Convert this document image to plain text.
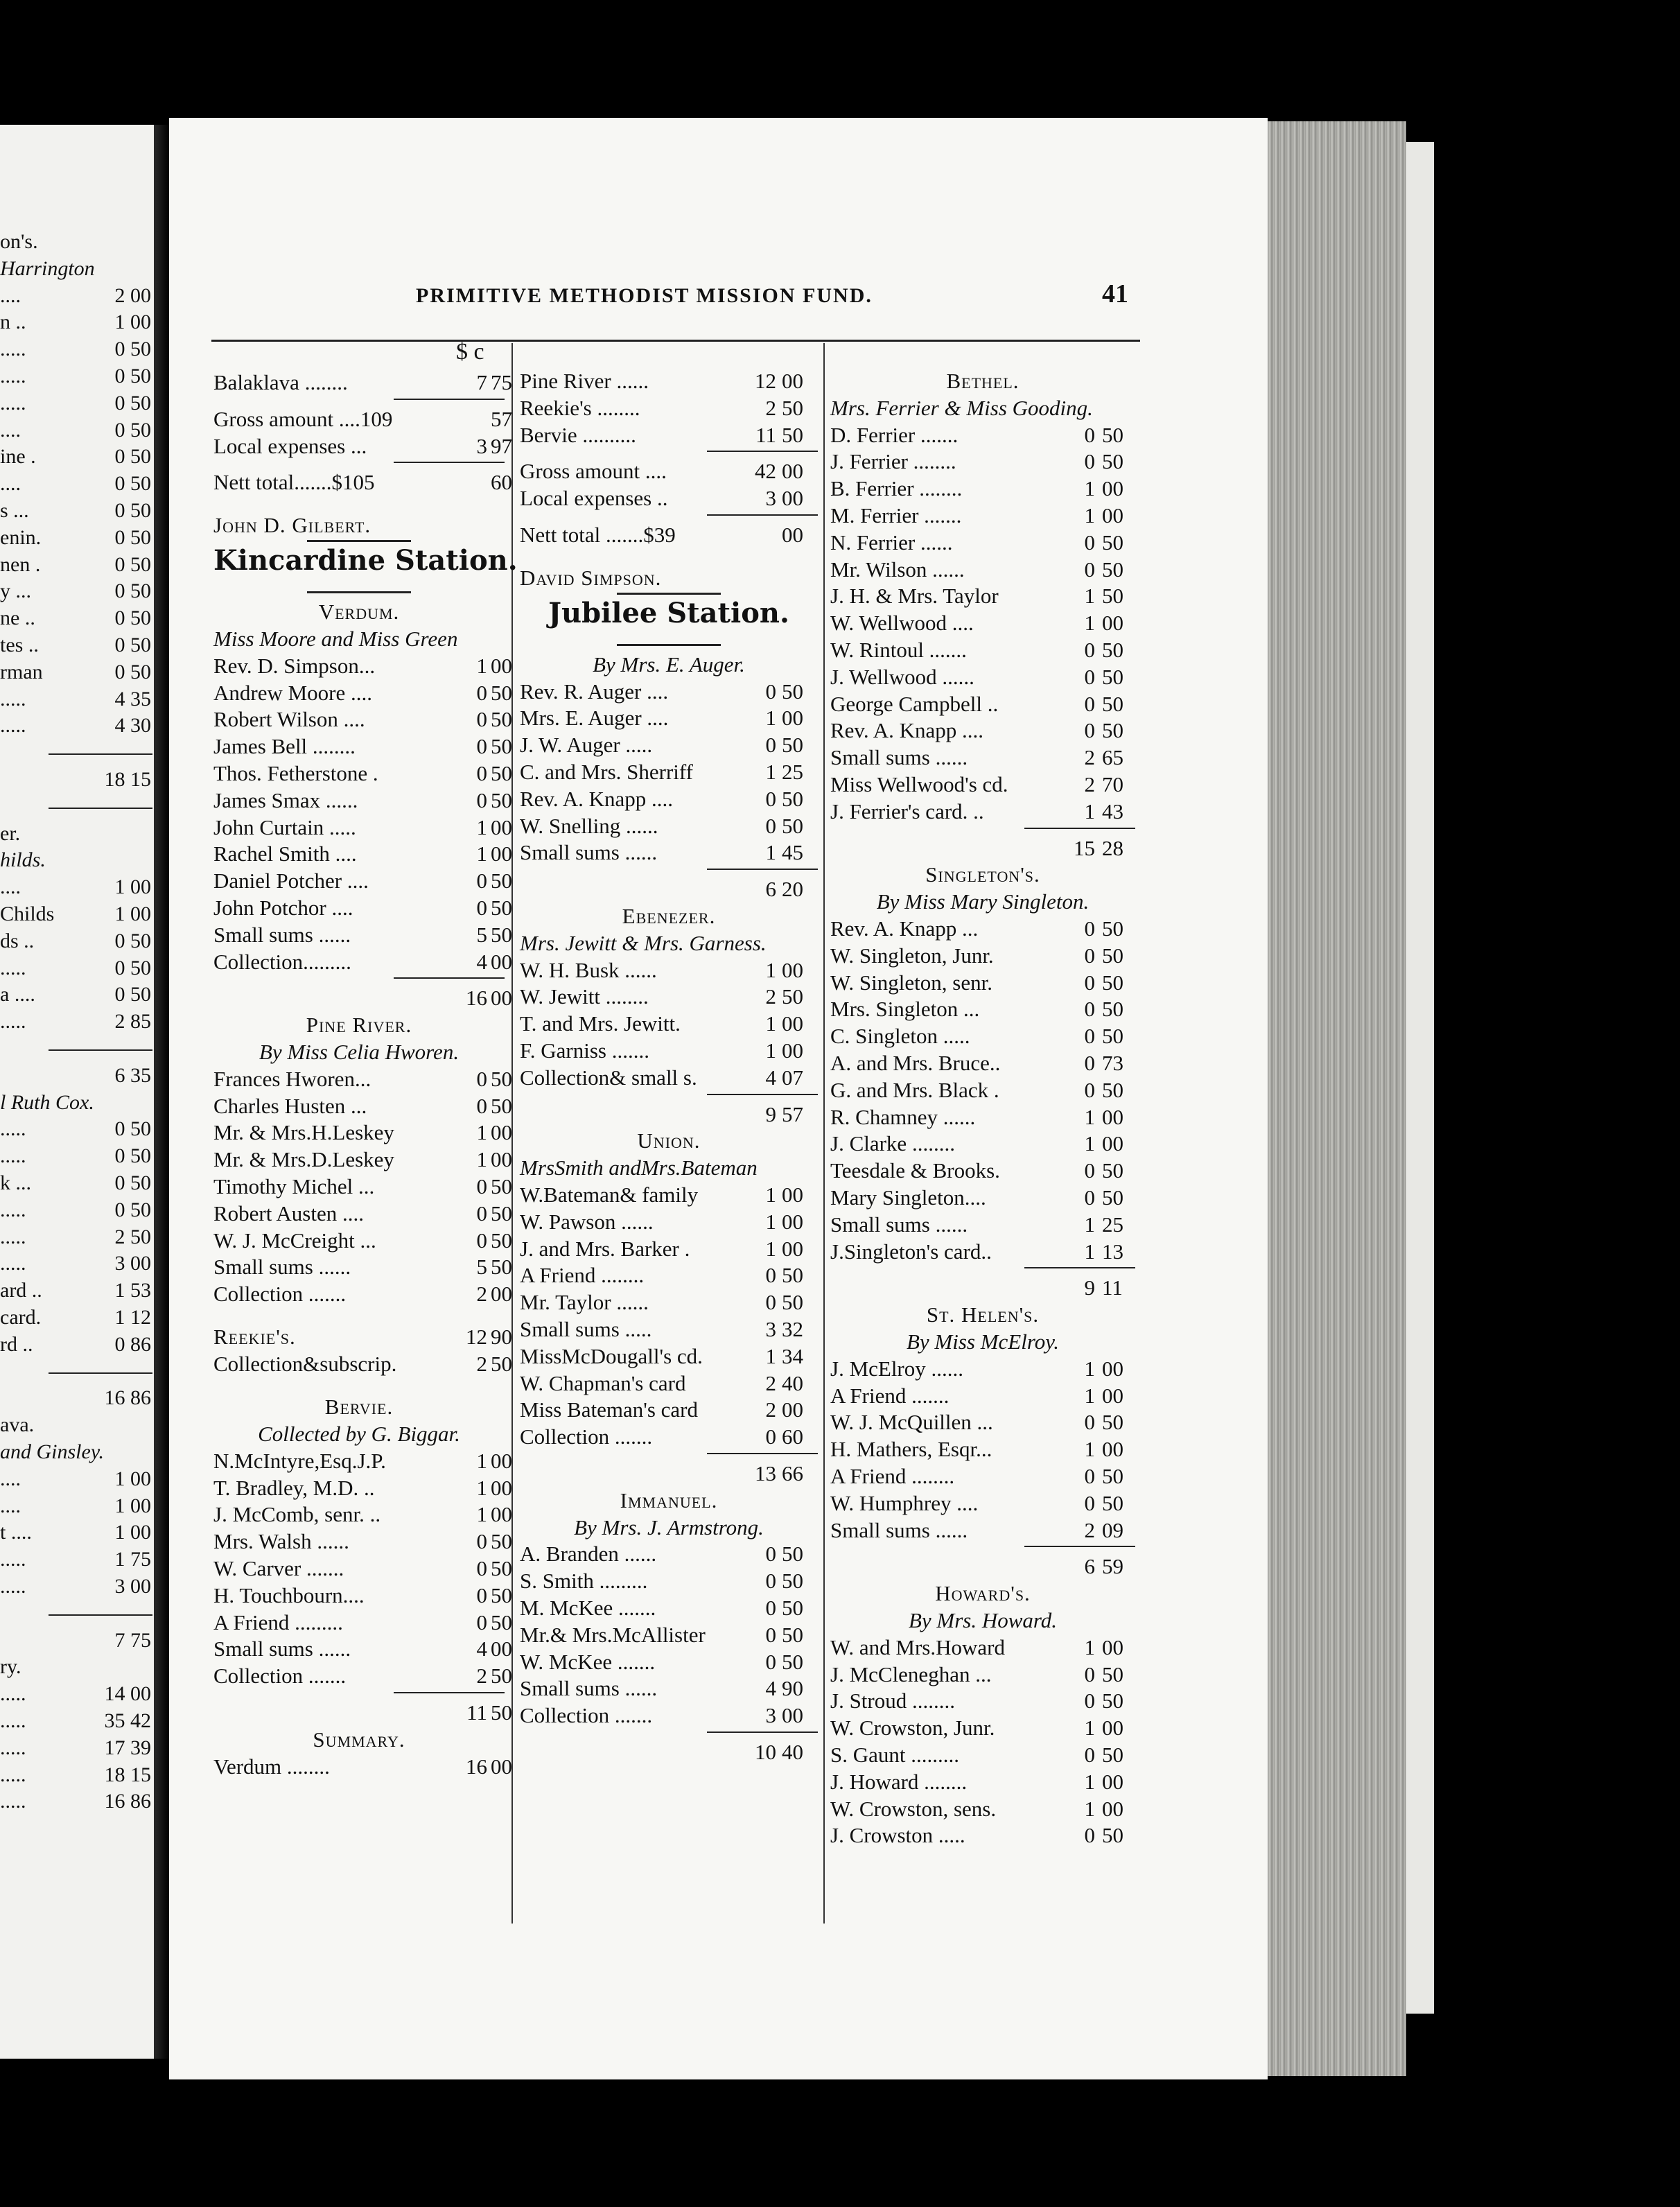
on's.
Harrington
....	2 00
n ..	1 00
.....	0 50
.....	0 50
.....	0 50
....	0 50
ine .	0 50
....	0 50
s ...	0 50
enin.	0 50
nen .	0 50
y ...	0 50
ne ..	0 50
tes ..	0 50
rman	0 50
.....	4 35
.....	4 30
18 15
er.
hilds.
....	1 00
Childs	1 00
ds ..	0 50
.....	0 50
a ....	0 50
.....	2 85
6 35
l Ruth Cox.
.....	0 50
.....	0 50
k ...	0 50
.....	0 50
.....	2 50
.....	3 00
ard ..	1 53
card.	1 12
rd ..	0 86
16 86
ava.
and Ginsley.
....	1 00
....	1 00
t ....	1 00
.....	1 75
.....	3 00
7 75
ry.
.....	14 00
.....	35 42
.....	17 39
.....	18 15
.....	16 86
PRIMITIVE METHODIST MISSION FUND.	41
Balaklava ........	7 75
Gross amount ....109	57
Local expenses ...	3 97
Nett total.......$105	60
John D. Gilbert.
Kincardine Station.
Verdum.
Miss Moore and Miss Green
Rev. D. Simpson...	1 00
Andrew Moore ....	0 50
Robert Wilson ....	0 50
James Bell ........	0 50
Thos. Fetherstone .	0 50
James Smax ......	0 50
John Curtain .....	1 00
Rachel Smith ....	1 00
Daniel Potcher ....	0 50
John Potchor ....	0 50
Small sums ......	5 50
Collection.........	4 00
16 00
Pine River.
By Miss Celia Hworen.
Frances Hworen...	0 50
Charles Husten ...	0 50
Mr. & Mrs.H.Leskey	1 00
Mr. & Mrs.D.Leskey	1 00
Timothy Michel ...	0 50
Robert Austen ....	0 50
W. J. McCreight ...	0 50
Small sums ......	5 50
Collection .......	2 00
Reekie's.	12 90
Collection&subscrip.	2 50
Bervie.
Collected by G. Biggar.
N.McIntyre,Esq.J.P.	1 00
T. Bradley, M.D. ..	1 00
J. McComb, senr. ..	1 00
Mrs. Walsh ......	0 50
W. Carver .......	0 50
H. Touchbourn....	0 50
A Friend .........	0 50
Small sums ......	4 00
Collection .......	2 50
11 50
Summary.
Verdum ........	16 00
Pine River ......	12 00
Reekie's ........	2 50
Bervie ..........	11 50
Gross amount ....	42 00
Local expenses ..	3 00
Nett total .......$39	00
David Simpson.
Jubilee Station.
By Mrs. E. Auger.
Rev. R. Auger ....	0 50
Mrs. E. Auger ....	1 00
J. W. Auger .....	0 50
C. and Mrs. Sherriff	1 25
Rev. A. Knapp ....	0 50
W. Snelling ......	0 50
Small sums ......	1 45
6 20
Ebenezer.
Mrs. Jewitt & Mrs. Garness.
W. H. Busk ......	1 00
W. Jewitt ........	2 50
T. and Mrs. Jewitt.	1 00
F. Garniss .......	1 00
Collection& small s.	4 07
9 57
Union.
MrsSmith andMrs.Bateman
W.Bateman& family	1 00
W. Pawson ......	1 00
J. and Mrs. Barker .	1 00
A Friend ........	0 50
Mr. Taylor ......	0 50
Small sums .....	3 32
MissMcDougall's cd.	1 34
W. Chapman's card	2 40
Miss Bateman's card	2 00
Collection .......	0 60
13 66
Immanuel.
By Mrs. J. Armstrong.
A. Branden ......	0 50
S. Smith .........	0 50
M. McKee .......	0 50
Mr.& Mrs.McAllister	0 50
W. McKee .......	0 50
Small sums ......	4 90
Collection .......	3 00
10 40
Bethel.
Mrs. Ferrier & Miss Gooding.
D. Ferrier .......	0 50
J. Ferrier ........	0 50
B. Ferrier ........	1 00
M. Ferrier .......	1 00
N. Ferrier ......	0 50
Mr. Wilson ......	0 50
J. H. & Mrs. Taylor	1 50
W. Wellwood ....	1 00
W. Rintoul .......	0 50
J. Wellwood ......	0 50
George Campbell ..	0 50
Rev. A. Knapp ....	0 50
Small sums ......	2 65
Miss Wellwood's cd.	2 70
J. Ferrier's card. ..	1 43
15 28
Singleton's.
By Miss Mary Singleton.
Rev. A. Knapp ...	0 50
W. Singleton, Junr.	0 50
W. Singleton, senr.	0 50
Mrs. Singleton ...	0 50
C. Singleton .....	0 50
A. and Mrs. Bruce..	0 73
G. and Mrs. Black .	0 50
R. Chamney ......	1 00
J. Clarke ........	1 00
Teesdale & Brooks.	0 50
Mary Singleton....	0 50
Small sums ......	1 25
J.Singleton's card..	1 13
9 11
St. Helen's.
By Miss McElroy.
J. McElroy ......	1 00
A Friend .......	1 00
W. J. McQuillen ...	0 50
H. Mathers, Esqr...	1 00
A Friend ........	0 50
W. Humphrey ....	0 50
Small sums ......	2 09
6 59
Howard's.
By Mrs. Howard.
W. and Mrs.Howard	1 00
J. McCleneghan ...	0 50
J. Stroud ........	0 50
W. Crowston, Junr.	1 00
S. Gaunt .........	0 50
J. Howard ........	1 00
W. Crowston, sens.	1 00
J. Crowston .....	0 50
$ c
